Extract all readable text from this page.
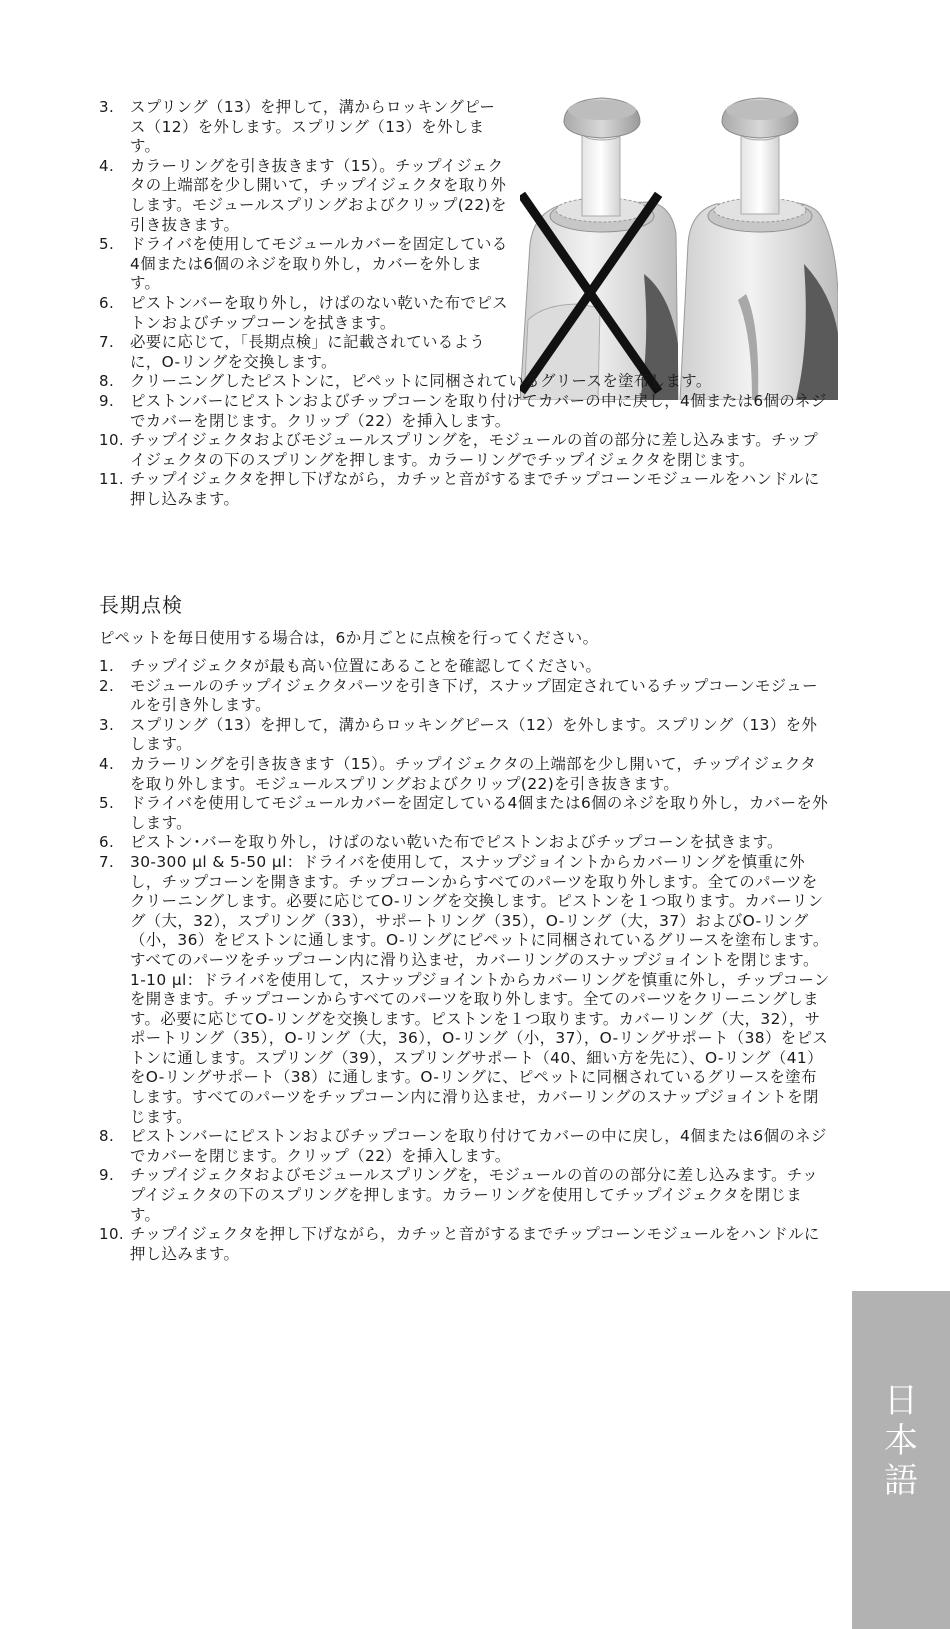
3. スプリング（13）を押して，溝からロッキングピース（12）を外します。スプリング（13）を外します。

4. カラーリングを引き抜きます（15）。チップイジェクタの上端部を少し開いて，チップイジェクタを取り外します。モジュールスプリングおよびクリップ(22)を引き抜きます。

5. ドライバを使用してモジュールカバーを固定している4個または6個のネジを取り外し，カバーを外します。

6. ピストンバーを取り外し，けばのない乾いた布でピストンおよびチップコーンを拭きます。

7. 必要に応じて，「長期点検」に記載されているように，O-リングを交換します。

8. クリーニングしたピストンに，ピペットに同梱されているグリースを塗布します。

9. ピストンバーにピストンおよびチップコーンを取り付けてカバーの中に戻し，4個または6個のネジでカバーを閉じます。クリップ（22）を挿入します。

10. チップイジェクタおよびモジュールスプリングを，モジュールの首の部分に差し込みます。チップイジェクタの下のスプリングを押します。カラーリングでチップイジェクタを閉じます。

11. チップイジェクタを押し下げながら，カチッと音がするまでチップコーンモジュールをハンドルに押し込みます。

長期点検

ピペットを毎日使用する場合は，6か月ごとに点検を行ってください。

1. チップイジェクタが最も高い位置にあることを確認してください。

2. モジュールのチップイジェクタパーツを引き下げ，スナップ固定されているチップコーンモジュールを引き外します。

3. スプリング（13）を押して，溝からロッキングピース（12）を外します。スプリング（13）を外します。

4. カラーリングを引き抜きます（15）。チップイジェクタの上端部を少し開いて，チップイジェクタを取り外します。モジュールスプリングおよびクリップ(22)を引き抜きます。

5. ドライバを使用してモジュールカバーを固定している4個または6個のネジを取り外し，カバーを外します。

6. ピストン･バーを取り外し，けばのない乾いた布でピストンおよびチップコーンを拭きます。

7. 30-300 µl & 5-50 µl：ドライバを使用して，スナップジョイントからカバーリングを慎重に外し，チップコーンを開きます。チップコーンからすべてのパーツを取り外します。全てのパーツをクリーニングします。必要に応じてO-リングを交換します。ピストンを１つ取ります。カバーリング（大，32），スプリング（33），サポートリング（35），O-リング（大，37）およびO-リング（小，36）をピストンに通します。O-リングにピペットに同梱されているグリースを塗布します。すべてのパーツをチップコーン内に滑り込ませ，カバーリングのスナップジョイントを閉じます。

1-10 µl：ドライバを使用して，スナップジョイントからカバーリングを慎重に外し，チップコーンを開きます。チップコーンからすべてのパーツを取り外します。全てのパーツをクリーニングします。必要に応じてO-リングを交換します。ピストンを１つ取ります。カバーリング（大，32），サポートリング（35），O-リング（大，36），O-リング（小，37），O-リングサポート（38）をピストンに通します。スプリング（39），スプリングサポート（40、細い方を先に）、O-リング（41）をO-リングサポート（38）に通します。O-リングに、ピペットに同梱されているグリースを塗布します。すべてのパーツをチップコーン内に滑り込ませ，カバーリングのスナップジョイントを閉じます。

8. ピストンバーにピストンおよびチップコーンを取り付けてカバーの中に戻し，4個または6個のネジでカバーを閉じます。クリップ（22）を挿入します。

9. チップイジェクタおよびモジュールスプリングを，モジュールの首のの部分に差し込みます。チップイジェクタの下のスプリングを押します。カラーリングを使用してチップイジェクタを閉じます。

10. チップイジェクタを押し下げながら，カチッと音がするまでチップコーンモジュールをハンドルに押し込みます。

日
本
語
